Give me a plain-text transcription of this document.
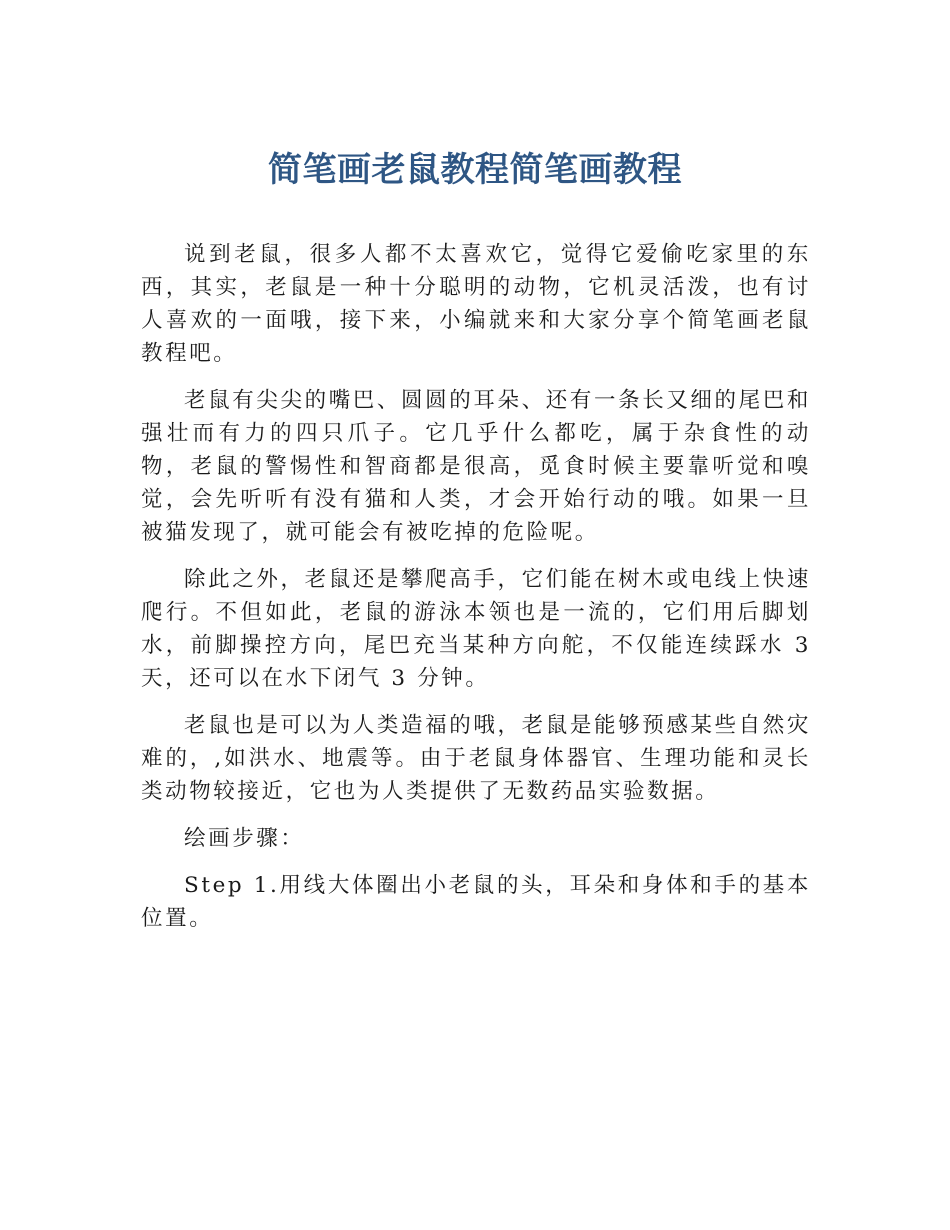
简笔画老鼠教程简笔画教程

说到老鼠，很多人都不太喜欢它，觉得它爱偷吃家里的东西，其实，老鼠是一种十分聪明的动物，它机灵活泼，也有讨人喜欢的一面哦，接下来，小编就来和大家分享个简笔画老鼠教程吧。

老鼠有尖尖的嘴巴、圆圆的耳朵、还有一条长又细的尾巴和强壮而有力的四只爪子。它几乎什么都吃，属于杂食性的动物，老鼠的警惕性和智商都是很高，觅食时候主要靠听觉和嗅觉，会先听听有没有猫和人类，才会开始行动的哦。如果一旦被猫发现了，就可能会有被吃掉的危险呢。

除此之外，老鼠还是攀爬高手，它们能在树木或电线上快速爬行。不但如此，老鼠的游泳本领也是一流的，它们用后脚划水，前脚操控方向，尾巴充当某种方向舵，不仅能连续踩水 3 天，还可以在水下闭气 3 分钟。

老鼠也是可以为人类造福的哦，老鼠是能够预感某些自然灾难的，,如洪水、地震等。由于老鼠身体器官、生理功能和灵长类动物较接近，它也为人类提供了无数药品实验数据。

绘画步骤：

Step 1.用线大体圈出小老鼠的头，耳朵和身体和手的基本位置。
